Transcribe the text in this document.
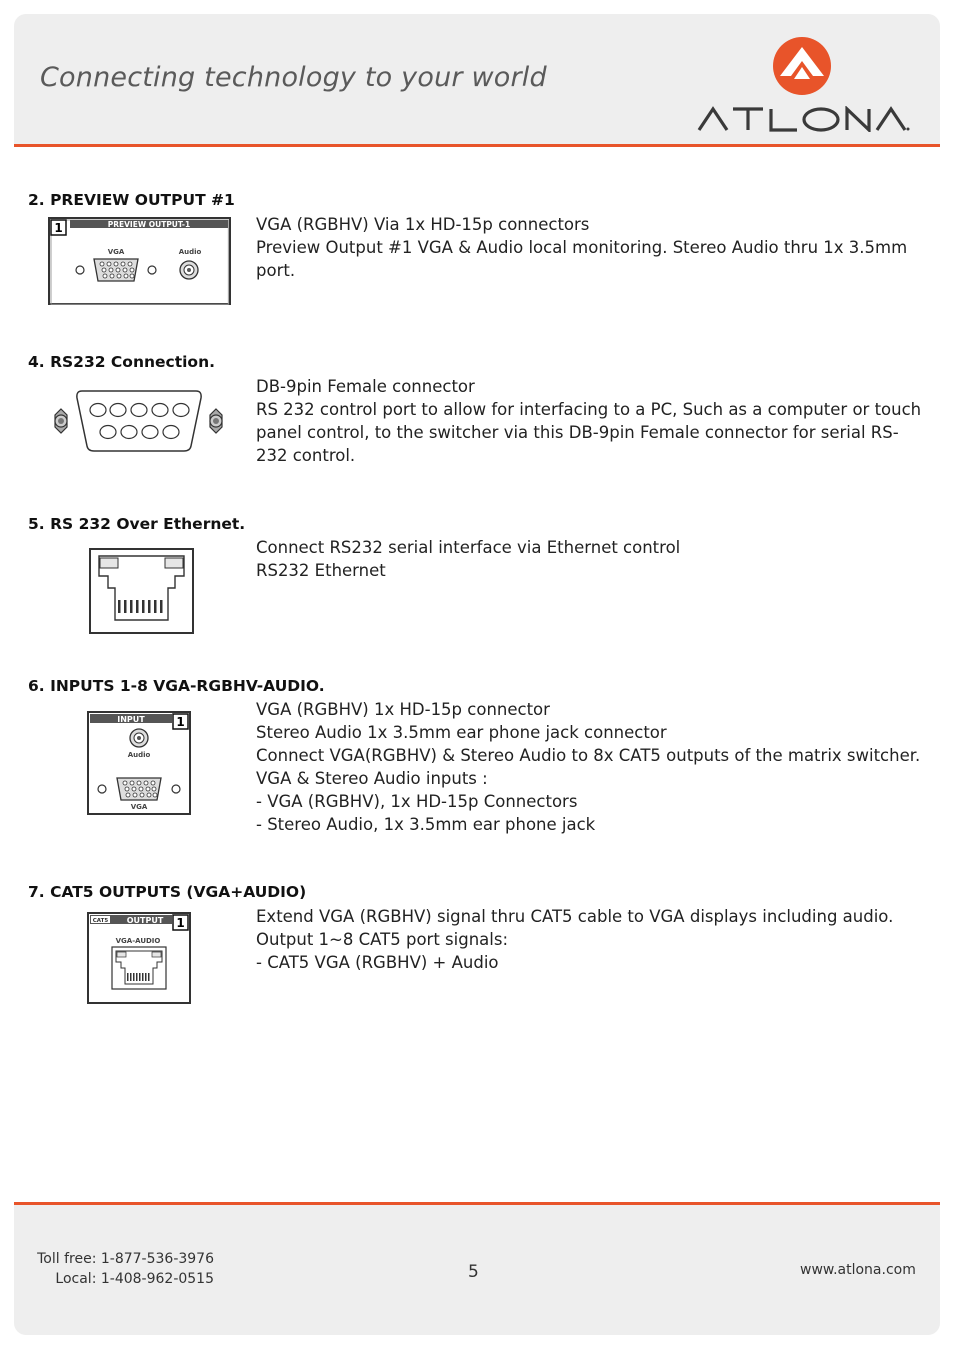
Connecting technology to your world
2. PREVIEW OUTPUT #1
1	PREVIEW OUTPUT-1
VGA	Audio
VGA (RGBHV) Via 1x HD-15p connectors
Preview Output #1 VGA & Audio local monitoring. Stereo Audio thru 1x 3.5mm port.
4. RS232 Connection.
DB-9pin Female connector
RS 232 control port to allow for interfacing to a PC, Such as a computer or touch panel control, to the switcher via this DB-9pin Female connector for serial RS-232 control.
5. RS 232 Over Ethernet.
Connect RS232 serial interface via Ethernet control
RS232 Ethernet
6. INPUTS 1-8 VGA-RGBHV-AUDIO.
INPUT	1
Audio
VGA
VGA (RGBHV) 1x HD-15p connector
Stereo Audio 1x 3.5mm ear phone jack connector
Connect VGA(RGBHV) & Stereo Audio to 8x CAT5 outputs of the matrix switcher.
VGA & Stereo Audio inputs :
- VGA (RGBHV), 1x HD-15p Connectors
- Stereo Audio, 1x 3.5mm ear phone jack
7. CAT5 OUTPUTS (VGA+AUDIO)
CAT5 OUTPUT 1
VGA-AUDIO
Extend VGA (RGBHV) signal thru CAT5 cable to VGA displays including audio.
Output 1~8 CAT5 port signals:
- CAT5 VGA (RGBHV) + Audio
Toll free: 1-877-536-3976
Local: 1-408-962-0515	5	www.atlona.com
